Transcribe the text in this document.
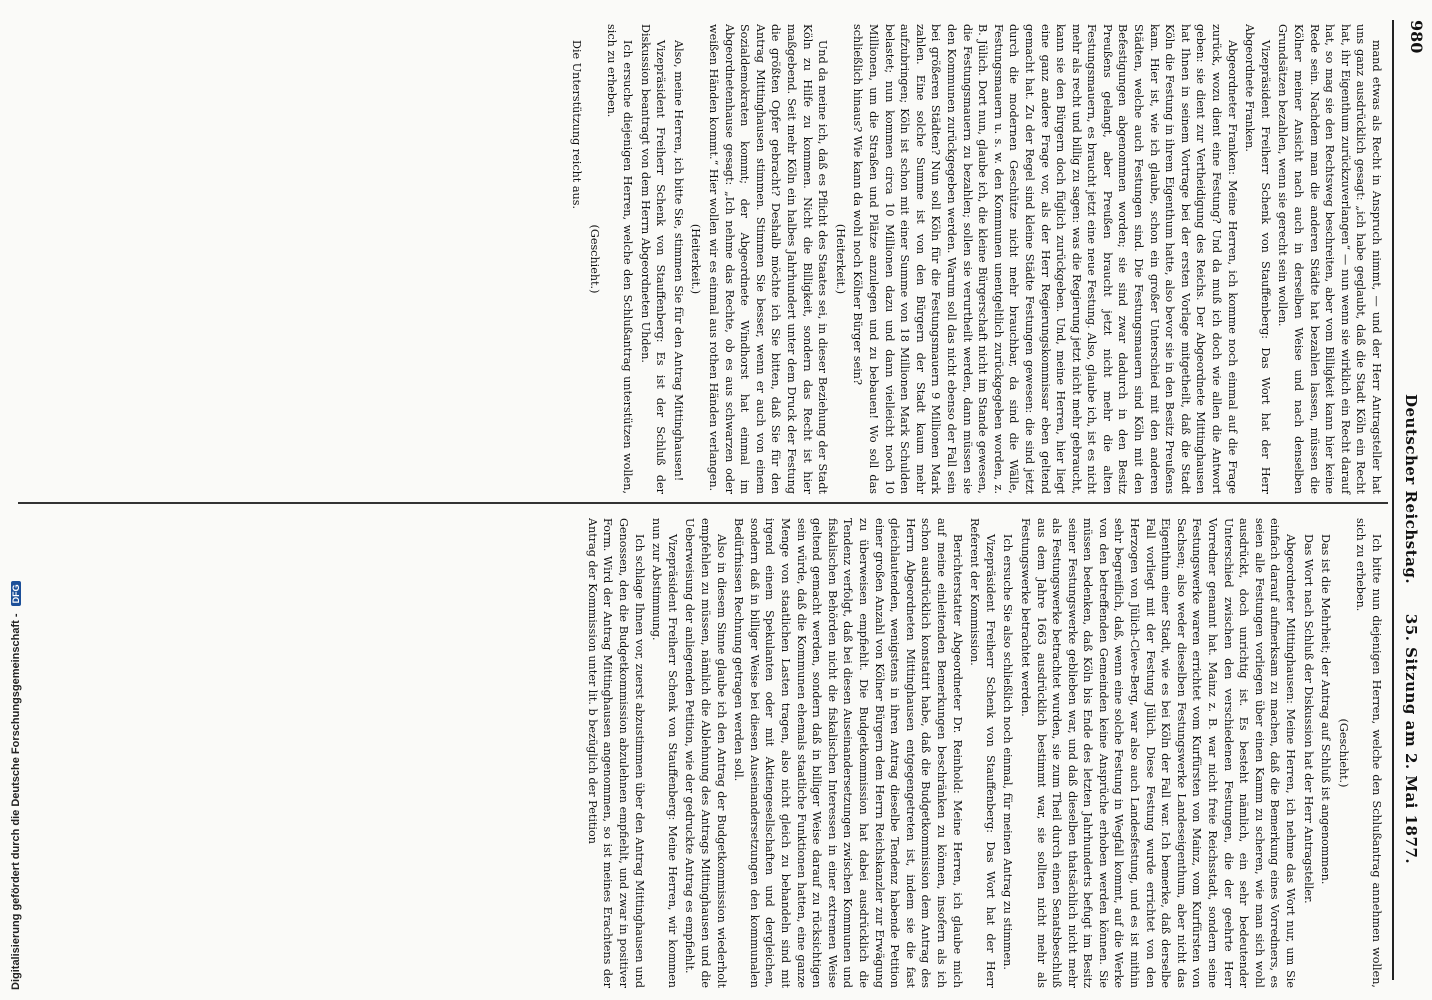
980
Deutscher Reichstag. 35. Sitzung am 2. Mai 1877.

mand etwas als Recht in Anspruch nimmt, — und der Herr Antragsteller hat uns ganz ausdrücklich gesagt: „ich habe geglaubt, daß die Stadt Köln ein Recht hat, ihr Eigenthum zurückzuverlangen“ — nun wenn sie wirklich ein Recht darauf hat, so mag sie den Rechtsweg beschreiten, aber vom Billigkeit kann hier keine Rede sein. Nachdem man die anderen Städte hat bezahlen lassen, müssen die Kölner meiner Ansicht nach auch in derselben Weise und nach denselben Grundsätzen bezahlen, wenn sie gerecht sein wollen.

Vizepräsident Freiherr Schenk von Stauffenberg: Das Wort hat der Herr Abgeordnete Franken.

Abgeordneter Franken: Meine Herren, ich komme noch einmal auf die Frage zurück, wozu dient eine Festung? Und da muß ich doch wie allen die Antwort geben: sie dient zur Vertheidigung des Reichs. Der Abgeordnete Mittinghausen hat Ihnen in seinem Vortrage bei der ersten Vorlage mitgetheilt, daß die Stadt Köln die Festung in ihrem Eigenthum hatte, also bevor sie in den Besitz Preußens kam. Hier ist, wie ich glaube, schon ein großer Unterschied mit den anderen Städten, welche auch Festungen sind. Die Festungsmauern sind Köln mit den Befestigungen abgenommen worden; sie sind zwar dadurch in den Besitz Preußens gelangt, aber Preußen braucht jetzt nicht mehr die alten Festungsmauern, es braucht jetzt eine neue Festung. Also, glaube ich, ist es nicht mehr als recht und billig zu sagen: was die Regierung jetzt nicht mehr gebraucht, kann sie den Bürgern doch füglich zurückgeben. Und, meine Herren, hier liegt eine ganz andere Frage vor, als der Herr Regierungskommissar eben geltend gemacht hat. Zu der Regel sind kleine Städte Festungen gewesen: die sind jetzt durch die modernen Geschütze nicht mehr brauchbar, da sind die Wälle, Festungsmauern u. s. w. den Kommunen unentgeltlich zurückgegeben worden, z. B. Jülich. Dort nun, glaube ich, die kleine Bürgerschaft nicht im Stande gewesen, die Festungsmauern zu bezahlen; sollen sie verurtheilt werden, dann müssen sie den Kommunen zurückgegeben werden. Warum soll das nicht ebenso der Fall sein bei größeren Städten? Nun soll Köln für die Festungsmauern 9 Millionen Mark zahlen. Eine solche Summe ist von den Bürgern der Stadt kaum mehr aufzubringen; Köln ist schon mit einer Summe von 18 Millionen Mark Schulden belastet; nun kommen circa 10 Millionen dazu und dann vielleicht noch 10 Millionen, um die Straßen und Plätze anzulegen und zu bebauen! Wo soll das schließlich hinaus? Wie kann da wohl noch Kölner Bürger sein?

(Heiterkeit.)

Und da meine ich, daß es Pflicht des Staates sei, in dieser Beziehung der Stadt Köln zu Hilfe zu kommen. Nicht die Billigkeit, sondern das Recht ist hier maßgebend. Seit mehr Köln ein halbes Jahrhundert unter dem Druck der Festung die größten Opfer gebracht? Deshalb möchte ich Sie bitten, daß Sie für den Antrag Mittinghausen stimmen. Stimmen Sie besser, wenn er auch von einem Sozialdemokraten kommt; der Abgeordnete Windhorst hat einmal im Abgeordnetenhause gesagt: „Ich nehme das Rechte, ob es aus schwarzen oder weißen Händen kommt.“ Hier wollen wir es einmal aus rothen Händen verlangen.

(Heiterkeit.)

Also, meine Herren, ich bitte Sie, stimmen Sie für den Antrag Mittinghausen!

Vizepräsident Freiherr Schenk von Stauffenberg: Es ist der Schluß der Diskussion beantragt von dem Herrn Abgeordneten Uhden.

Ich ersuche diejenigen Herren, welche den Schlußantrag unterstützen wollen, sich zu erheben.

(Geschieht.)

Die Unterstützung reicht aus.

Ich bitte nun diejenigen Herren, welche den Schlußantrag annehmen wollen, sich zu erheben.

(Geschieht.)

Das ist die Mehrheit; der Antrag auf Schluß ist angenommen.

Das Wort nach Schluß der Diskussion hat der Herr Antragsteller.

Abgeordneter Mittinghausen: Meine Herren, ich nehme das Wort nur, um Sie einfach darauf aufmerksam zu machen, daß die Bemerkung eines Vorredners, es seien alle Festungen vorliegen über einen Kamm zu scheren, wie man sich wohl ausdrückt, doch unrichtig ist. Es besteht nämlich, ein sehr bedeutender Unterschied zwischen den verschiedenen Festungen, die der geehrte Herr Vorredner genannt hat. Mainz z. B. war nicht freie Reichsstadt, sondern seine Festungswerke waren errichtet vom Kurfürsten von Mainz, vom Kurfürsten von Sachsen; also weder dieselben Festungswerke Landeseigenthum, aber nicht das Eigenthum einer Stadt, wie es bei Köln der Fall war. Ich bemerke, daß derselbe Fall vorliegt mit der Festung Jülich. Diese Festung wurde errichtet von den Herzogen von Jülich-Cleve-Berg, war also auch Landesfestung, und es ist mithin sehr begreiflich, daß, wenn eine solche Festung in Wegfall kommt, auf die Werke von den betreffenden Gemeinden keine Ansprüche erhoben werden können. Sie müssen bedenken, daß Köln bis Ende des letzten Jahrhunderts befugt im Besitz seiner Festungswerke geblieben war, und daß dieselben thatsächlich nicht mehr als Festungswerke betrachtet wurden, sie zum Theil durch einen Senatsbeschluß aus dem Jahre 1663 ausdrücklich bestimmt war, sie sollten nicht mehr als Festungswerke betrachtet werden.

Ich ersuche Sie also schließlich noch einmal, für meinen Antrag zu stimmen.

Vizepräsident Freiherr Schenk von Stauffenberg: Das Wort hat der Herr Referent der Kommission.

Berichterstatter Abgeordneter Dr. Reinhold: Meine Herren, ich glaube mich auf meine einleitenden Bemerkungen beschränken zu können, insofern als ich schon ausdrücklich konstatirt habe, daß die Budgetkommission dem Antrag des Herrn Abgeordneten Mittinghausen entgegengetreten ist, indem sie die fast gleichlautenden, wenigstens in ihren Antrag dieselbe Tendenz habende Petition einer großen Anzahl von Kölner Bürgern dem Herrn Reichskanzler zur Erwägung zu überweisen empfiehlt. Die Budgetkommission hat dabei ausdrücklich die Tendenz verfolgt, daß bei diesen Auseinandersetzungen zwischen Kommunen und fiskalischen Behörden nicht die fiskalischen Interessen in einer extremen Weise geltend gemacht werden, sondern daß in billiger Weise darauf zu rücksichtigen sein würde, daß die Kommunen ehemals staatliche Funktionen hatten, eine ganze Menge von staatlichen Lasten tragen, also nicht gleich zu behandeln sind mit irgend einem Spekulanten oder mit Aktiengesellschaften und dergleichen, sondern daß in billiger Weise bei diesen Auseinandersetzungen den kommunalen Bedürfnissen Rechnung getragen werden soll.

Also in diesem Sinne glaube ich den Antrag der Budgetkommission wiederholt empfehlen zu müssen, nämlich die Ablehnung des Antrags Mittinghausen und die Ueberweisung der anliegenden Petition, wie der gedruckte Antrag es empfiehlt.

Vizepräsident Freiherr Schenk von Stauffenberg: Meine Herren, wir kommen nun zur Abstimmung.

Ich schlage Ihnen vor, zuerst abzustimmen über den Antrag Mittinghausen und Genossen, den die Budgetkommission abzulehnen empfiehlt, und zwar in positiver Form. Wird der Antrag Mittinghausen angenommen, so ist meines Erachtens der Antrag der Kommission unter lit. b bezüglich der Petition

Digitalisierung gefördert durch die Deutsche Forschungsgemeinschaft - DFG
